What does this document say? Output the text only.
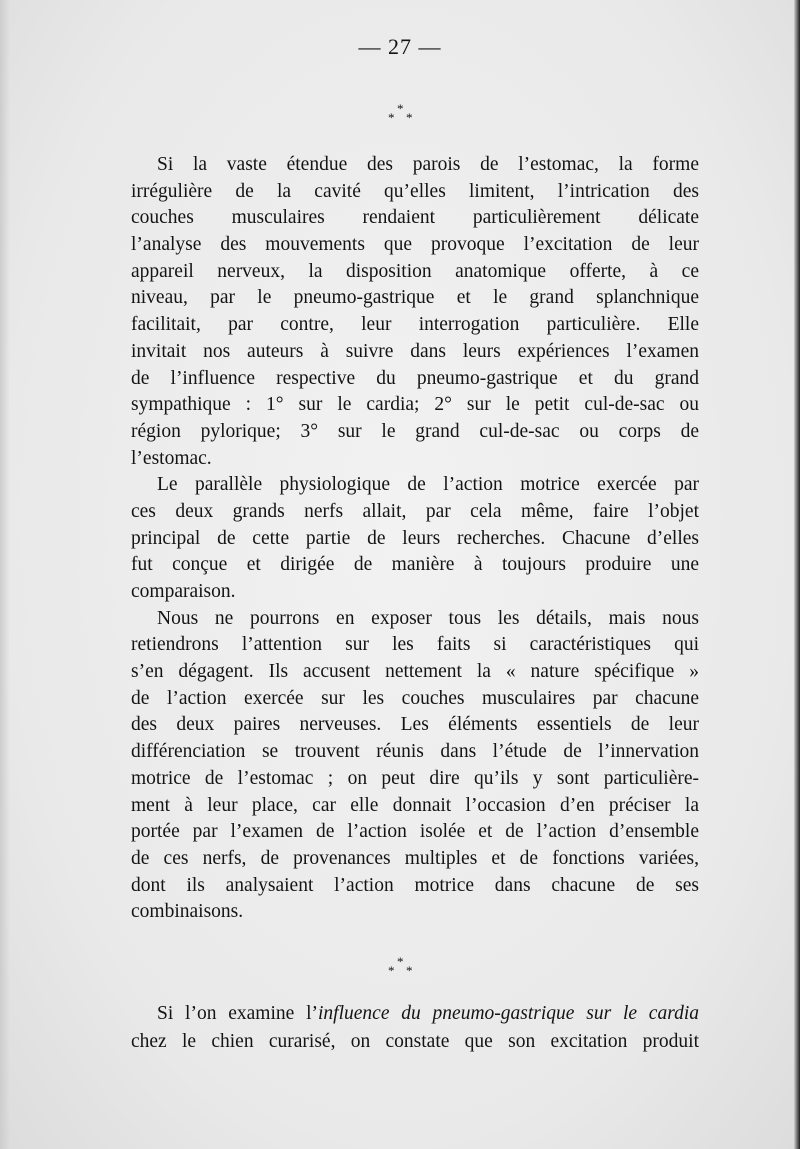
— 27 —
*
* *
Si la vaste étendue des parois de l’estomac, la forme
irrégulière de la cavité qu’elles limitent, l’intrication des
couches musculaires rendaient particulièrement délicate
l’analyse des mouvements que provoque l’excitation de leur
appareil nerveux, la disposition anatomique offerte, à ce
niveau, par le pneumo-gastrique et le grand splanchnique
facilitait, par contre, leur interrogation particulière. Elle
invitait nos auteurs à suivre dans leurs expériences l’examen
de l’influence respective du pneumo-gastrique et du grand
sympathique : 1° sur le cardia; 2° sur le petit cul-de-sac ou
région pylorique; 3° sur le grand cul-de-sac ou corps de
l’estomac.
Le parallèle physiologique de l’action motrice exercée par
ces deux grands nerfs allait, par cela même, faire l’objet
principal de cette partie de leurs recherches. Chacune d’elles
fut conçue et dirigée de manière à toujours produire une
comparaison.
Nous ne pourrons en exposer tous les détails, mais nous
retiendrons l’attention sur les faits si caractéristiques qui
s’en dégagent. Ils accusent nettement la « nature spécifique »
de l’action exercée sur les couches musculaires par chacune
des deux paires nerveuses. Les éléments essentiels de leur
différenciation se trouvent réunis dans l’étude de l’innervation
motrice de l’estomac ; on peut dire qu’ils y sont particulière-
ment à leur place, car elle donnait l’occasion d’en préciser la
portée par l’examen de l’action isolée et de l’action d’ensemble
de ces nerfs, de provenances multiples et de fonctions variées,
dont ils analysaient l’action motrice dans chacune de ses
combinaisons.
*
* *
Si l’on examine l’influence du pneumo-gastrique sur le cardia
chez le chien curarisé, on constate que son excitation produit
